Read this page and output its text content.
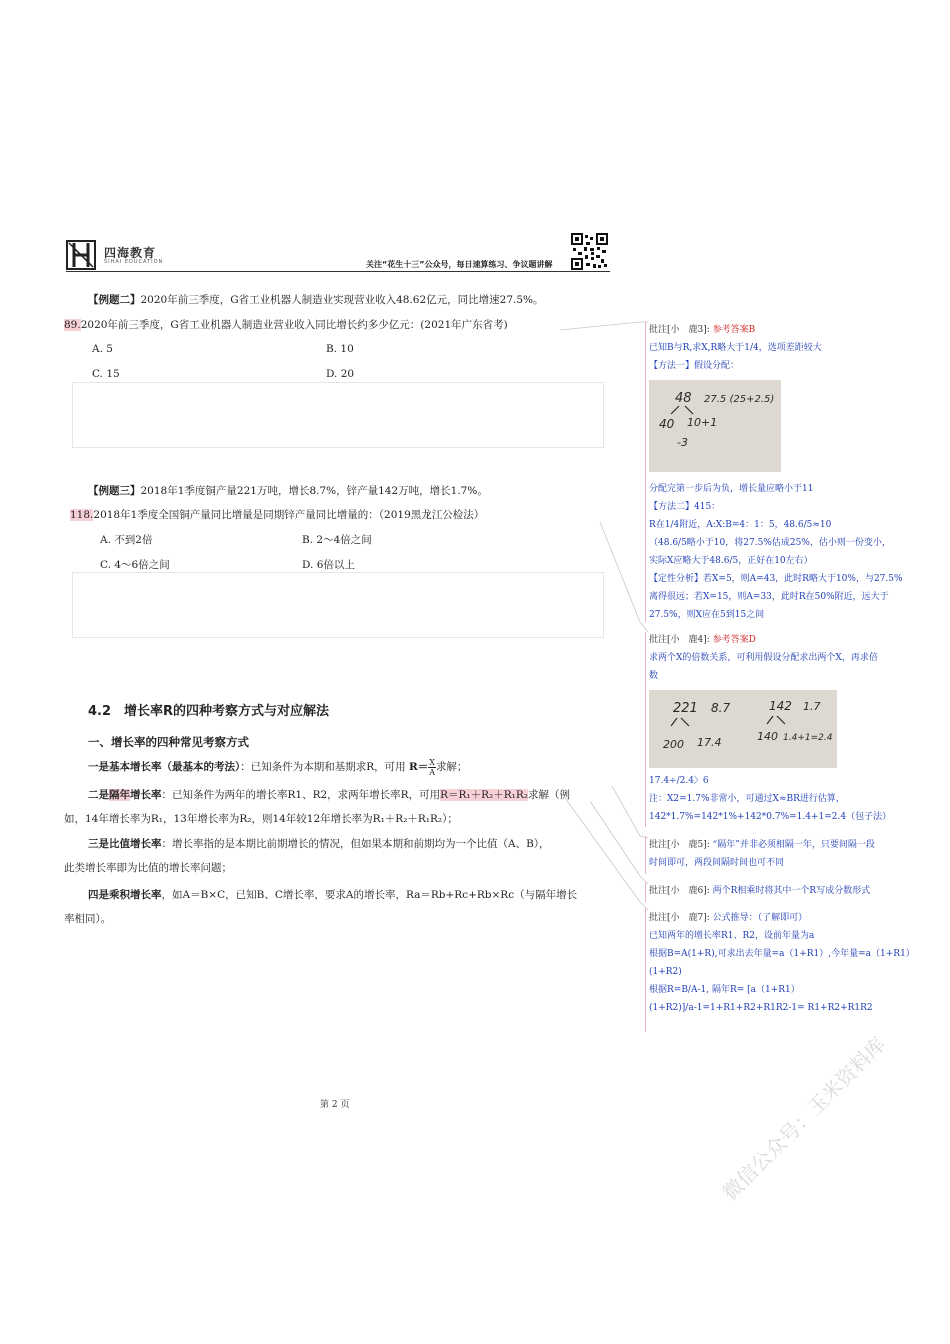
四海教育
SIHAI EDUCATION	关注“花生十三”公众号，每日速算练习、争议题讲解
【例题二】2020年前三季度，G省工业机器人制造业实现营业收入48.62亿元，同比增速27.5%。
89.2020年前三季度，G省工业机器人制造业营业收入同比增长约多少亿元：(2021年广东省考)
A. 5	B. 10
C. 15	D. 20
【例题三】2018年1季度铜产量221万吨，增长8.7%，锌产量142万吨，增长1.7%。
118.2018年1季度全国铜产量同比增量是同期锌产量同比增量的：（2019黑龙江公检法）
A. 不到2倍	B. 2～4倍之间
C. 4～6倍之间	D. 6倍以上
4.2　增长率R的四种考察方式与对应解法
一、增长率的四种常见考察方式
一是基本增长率（最基本的考法）：已知条件为本期和基期求R，可用 $R= \frac{X}{A}$ 求解；
二是隔年增长率：已知条件为两年的增长率R1、R2，求两年增长率R，可用R＝R₁＋R₂＋R₁R₂求解（例
如，14年增长率为R₁，13年增长率为R₂，则14年较12年增长率为R₁＋R₂＋R₁R₂）；
三是比值增长率：增长率指的是本期比前期增长的情况，但如果本期和前期均为一个比值（A、B），
此类增长率即为比值的增长率问题；
四是乘积增长率，如A＝B×C，已知B、C增长率，要求A的增长率，Ra＝Rb+Rc+Rb×Rc（与隔年增长
率相同）。
第 2 页
批注[小　鹿3]: 参考答案B
已知B与R,求X,R略大于1/4，选项差距较大
【方法一】假设分配：
48 27.5 (25+2.5)
40 10+1
-3
分配完第一步后为负，增长量应略小于11
【方法二】415：
R在1/4附近，A:X:B=4：1：5，48.6/5≈10
（48.6/5略小于10，将27.5%估成25%，估小则一份变小，
实际X应略大于48.6/5，正好在10左右）
【定性分析】若X=5，则A=43，此时R略大于10%，与27.5%
离得很远；若X=15，则A=33，此时R在50%附近，远大于
27.5%，则X应在5到15之间
批注[小　鹿4]: 参考答案D
求两个X的倍数关系，可利用假设分配求出两个X，再求倍
数
221 8.7
200 17.4
142 1.7
140 1.4+1=2.4
17.4÷/2.4〉6
注：X2=1.7%非常小，可通过X≈BR进行估算，
142*1.7%=142*1%+142*0.7%=1.4+1=2.4（包子法）
批注[小　鹿5]: “隔年”并非必须相隔一年，只要间隔一段
时间即可，两段间隔时间也可不同
批注[小　鹿6]: 两个R相乘时将其中一个R写成分数形式
批注[小　鹿7]: 公式推导：（了解即可）
已知两年的增长率R1、R2，设前年量为a
根据B=A(1+R),可求出去年量=a（1+R1）,今年量=a（1+R1）
(1+R2)
根据R=B/A-1, 隔年R= [a（1+R1）
(1+R2)]/a-1=1+R1+R2+R1R2-1= R1+R2+R1R2
微信公众号：玉米资料库
